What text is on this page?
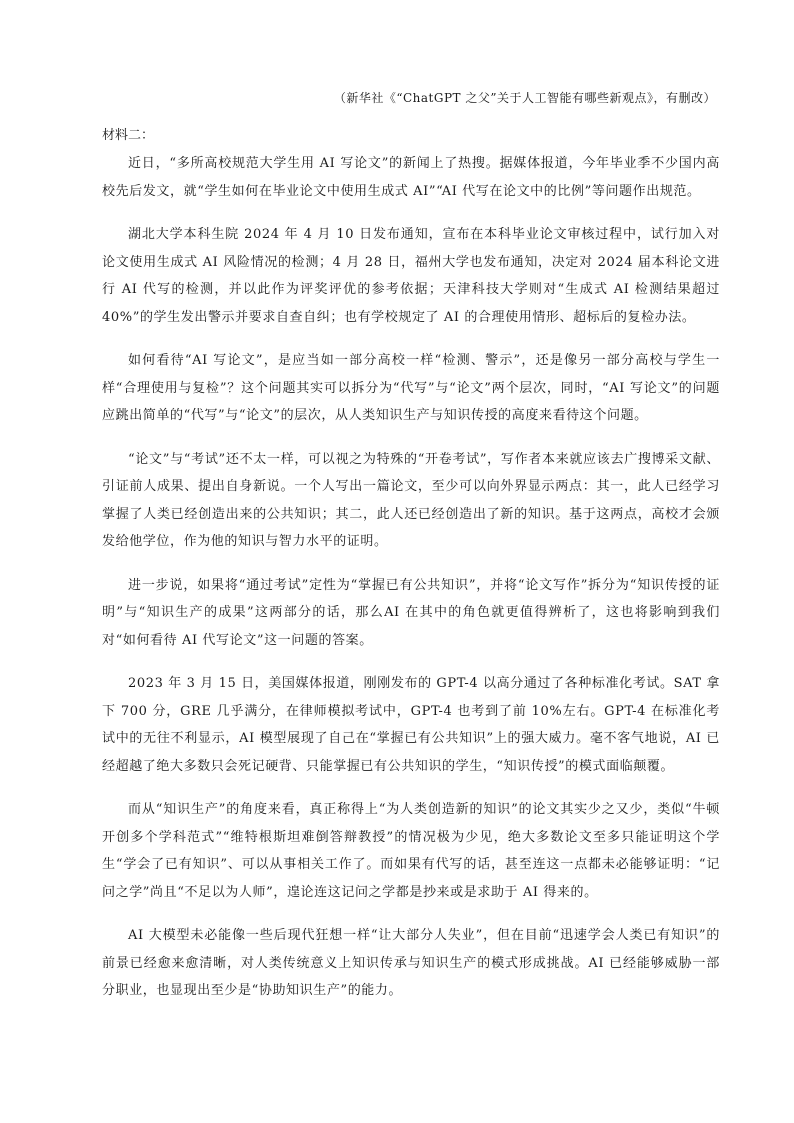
（新华社《“ChatGPT 之父”关于人工智能有哪些新观点》，有删改）
材料二：

近日，“多所高校规范大学生用 AI 写论文”的新闻上了热搜。据媒体报道，今年毕业季不少国内高校先后发文，就“学生如何在毕业论文中使用生成式 AI”“AI 代写在论文中的比例”等问题作出规范。

湖北大学本科生院 2024 年 4 月 10 日发布通知，宣布在本科毕业论文审核过程中，试行加入对论文使用生成式 AI 风险情况的检测；4 月 28 日，福州大学也发布通知，决定对 2024 届本科论文进行 AI 代写的检测，并以此作为评奖评优的参考依据；天津科技大学则对“生成式 AI 检测结果超过 40%”的学生发出警示并要求自查自纠；也有学校规定了 AI 的合理使用情形、超标后的复检办法。

如何看待“AI 写论文”，是应当如一部分高校一样“检测、警示”，还是像另一部分高校与学生一样“合理使用与复检”？这个问题其实可以拆分为“代写”与“论文”两个层次，同时，“AI 写论文”的问题应跳出简单的“代写”与“论文”的层次，从人类知识生产与知识传授的高度来看待这个问题。

“论文”与“考试”还不太一样，可以视之为特殊的“开卷考试”，写作者本来就应该去广搜博采文献、引证前人成果、提出自身新说。一个人写出一篇论文，至少可以向外界显示两点：其一，此人已经学习掌握了人类已经创造出来的公共知识；其二，此人还已经创造出了新的知识。基于这两点，高校才会颁发给他学位，作为他的知识与智力水平的证明。

进一步说，如果将“通过考试”定性为“掌握已有公共知识”，并将“论文写作”拆分为“知识传授的证明”与“知识生产的成果”这两部分的话，那么AI 在其中的角色就更值得辨析了，这也将影响到我们对“如何看待 AI 代写论文”这一问题的答案。

2023 年 3 月 15 日，美国媒体报道，刚刚发布的 GPT-4 以高分通过了各种标准化考试。SAT 拿下 700 分，GRE 几乎满分，在律师模拟考试中，GPT-4 也考到了前 10%左右。GPT-4 在标准化考试中的无往不利显示，AI 模型展现了自己在“掌握已有公共知识”上的强大威力。毫不客气地说，AI 已经超越了绝大多数只会死记硬背、只能掌握已有公共知识的学生，“知识传授”的模式面临颠覆。

而从“知识生产”的角度来看，真正称得上“为人类创造新的知识”的论文其实少之又少，类似“牛顿开创多个学科范式”“维特根斯坦难倒答辩教授”的情况极为少见，绝大多数论文至多只能证明这个学生“学会了已有知识”、可以从事相关工作了。而如果有代写的话，甚至连这一点都未必能够证明：“记问之学”尚且“不足以为人师”，遑论连这记问之学都是抄来或是求助于 AI 得来的。

AI 大模型未必能像一些后现代狂想一样“让大部分人失业”，但在目前“迅速学会人类已有知识”的前景已经愈来愈清晰，对人类传统意义上知识传承与知识生产的模式形成挑战。AI 已经能够威胁一部分职业，也显现出至少是“协助知识生产”的能力。
